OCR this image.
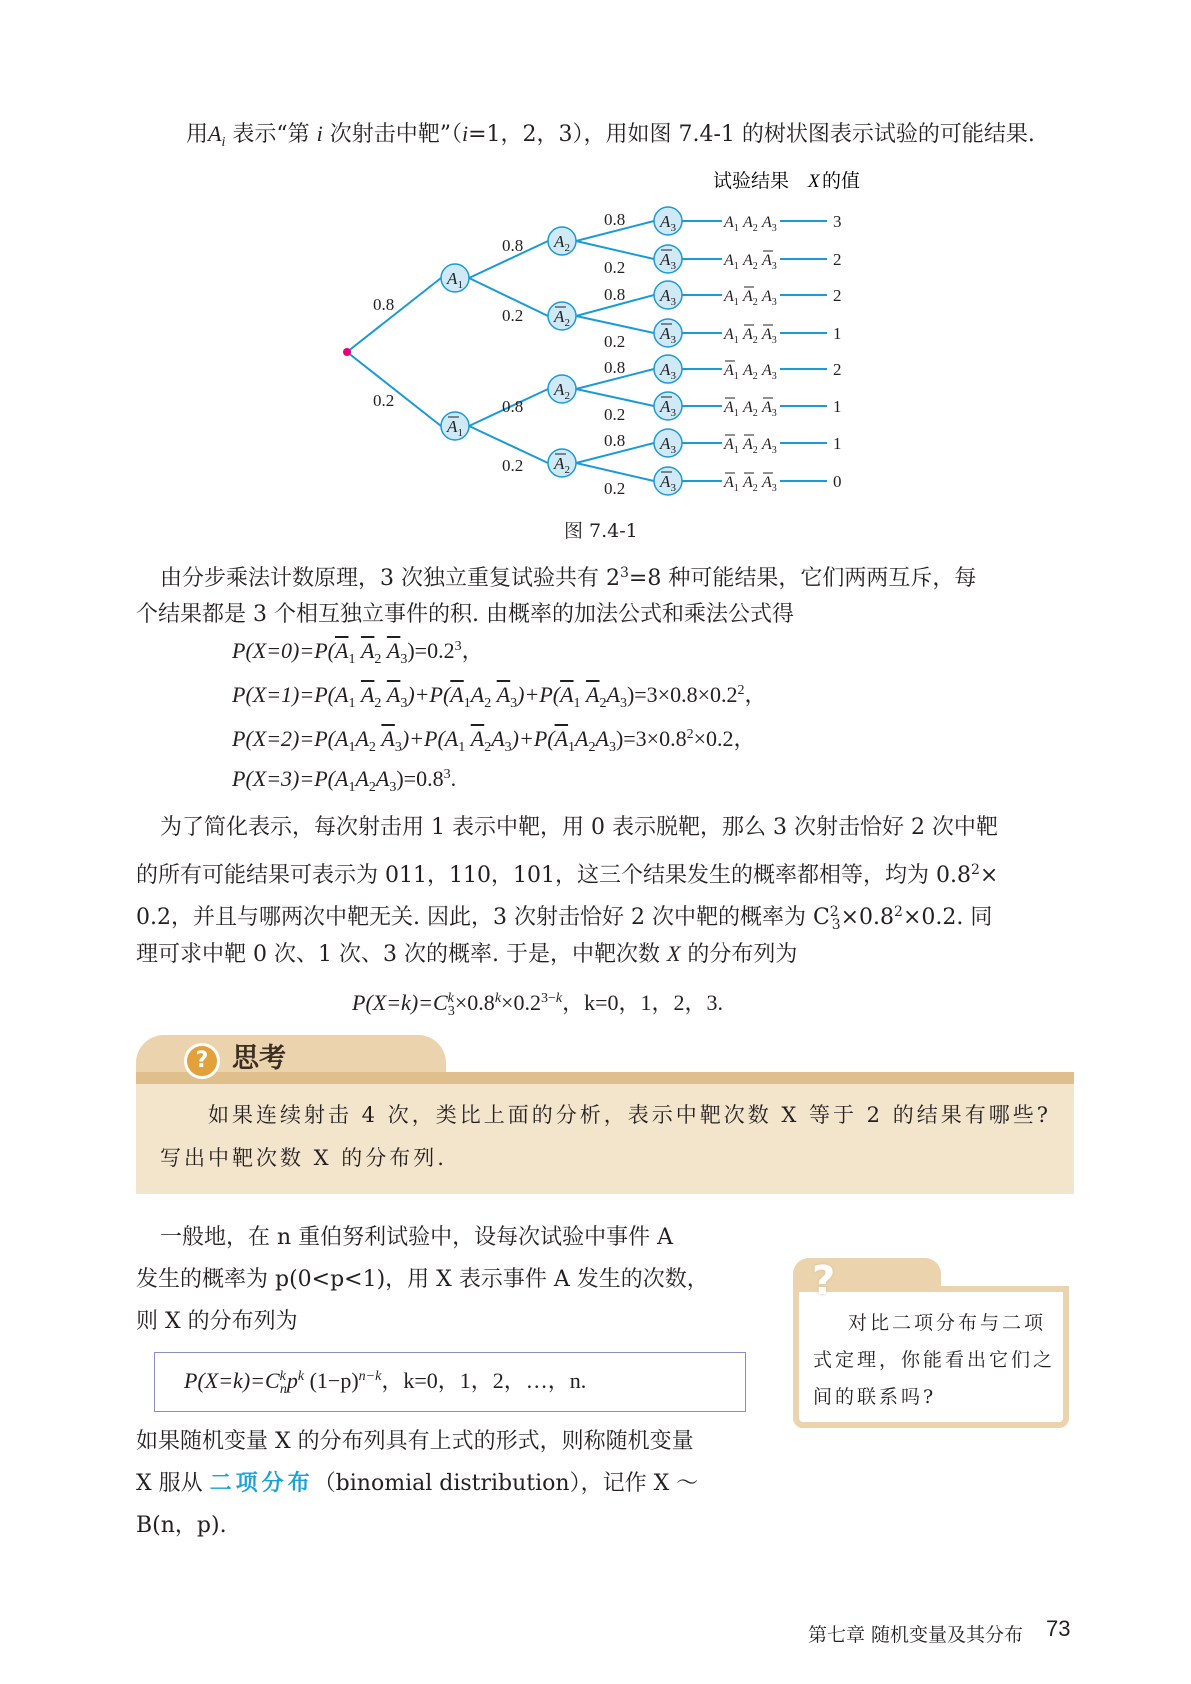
用$A_i$ 表示“第 i 次射击中靶”（i=1，2，3），用如图 7.4-1 的树状图表示试验的可能结果.
试验结果 X 的值
$A_1$
$A_1$
$A_2$
$A_2$
$A_2$
$A_2$
$A_3$
$A_3$
$A_3$
$A_3$
$A_3$
$A_3$
$A_3$
$A_3$
0.8
0.2
0.8
0.2
0.8
0.2
0.8
0.2
0.8
0.2
0.8
0.2
0.8
0.2
$A_1$ $A_2$ $A_3$	3
$A_1$ $A_2$ $A_3$	2
$A_1$ $A_2$ $A_3$	2
$A_1$ $A_2$ $A_3$	1
$A_1$ $A_2$ $A_3$	2
$A_1$ $A_2$ $A_3$	1
$A_1$ $A_2$ $A_3$	1
$A_1$ $A_2$ $A_3$	0
图 7.4-1
由分步乘法计数原理，3 次独立重复试验共有 $2^3=8$ 种可能结果，它们两两互斥，每
个结果都是 3 个相互独立事件的积. 由概率的加法公式和乘法公式得
$P(X=0)=P(\overline{A}_1$ $\overline{A}_2$ $\overline{A}_3)=0.2^3$，
$P(X=1)=P(A_1$ $\overline{A}_2$ $\overline{A}_3)+P(\overline{A}_1A_2$ $\overline{A}_3)+P(\overline{A}_1$ $\overline{A}_2A_3)=3\times 0.8\times 0.2^2$，
$P(X=2)=P(A_1A_2$ $\overline{A}_3)+P(A_1$ $\overline{A}_2A_3)+P(\overline{A}_1A_2A_3)=3\times 0.8^2\times 0.2$，
$P(X=3)=P(A_1A_2A_3)=0.8^3$.
为了简化表示，每次射击用 1 表示中靶，用 0 表示脱靶，那么 3 次射击恰好 2 次中靶
的所有可能结果可表示为 011，110，101，这三个结果发生的概率都相等，均为 $0.8^2\times$
0.2，并且与哪两次中靶无关. 因此，3 次射击恰好 2 次中靶的概率为 $C^2_3\times 0.8^2\times 0.2$. 同
理可求中靶 0 次、1 次、3 次的概率. 于是，中靶次数 X 的分布列为
$P(X=k)=C^k_3\times 0.8^k\times 0.2^{3-k}$，k=0，1，2，3.
? 思考
如果连续射击 4 次，类比上面的分析，表示中靶次数 X 等于 2 的结果有哪些?
写出中靶次数 X 的分布列.
一般地，在 n 重伯努利试验中，设每次试验中事件 A
发生的概率为 p(0<p<1)，用 X 表示事件 A 发生的次数，
则 X 的分布列为
$P(X=k)=C^k_np^k$ $(1-p)^{n-k}$，k=0，1，2，…，n.
如果随机变量 X 的分布列具有上式的形式，则称随机变量
X 服从 二项分布（binomial distribution），记作 X ～
B(n，p).
?
对比二项分布与二项
式定理，你能看出它们之
间的联系吗?
第七章 随机变量及其分布 73
